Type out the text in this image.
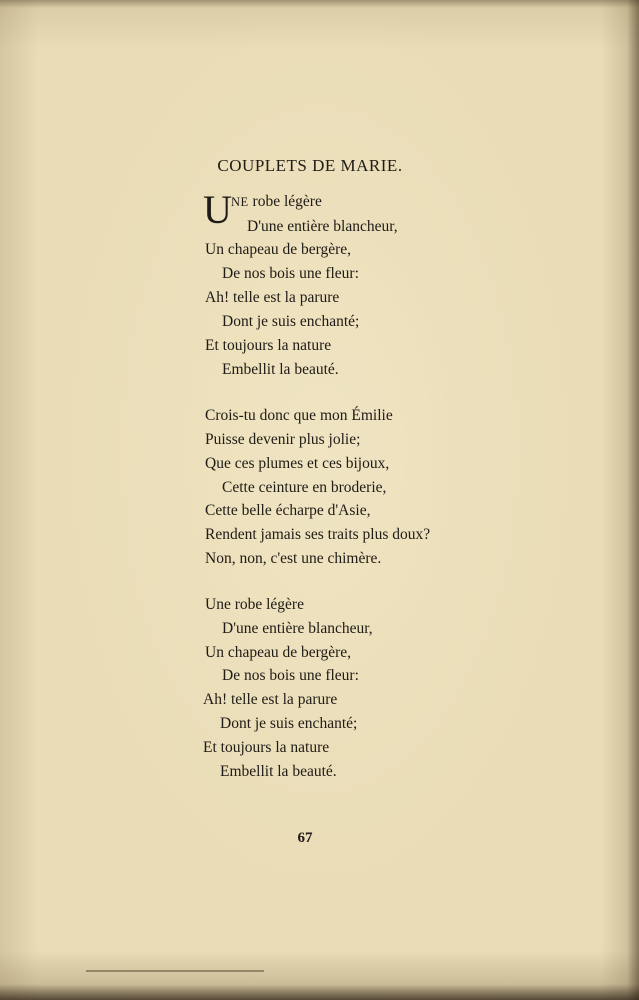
COUPLETS DE MARIE.
U NE robe légère
D'une entière blancheur,
Un chapeau de bergère,
De nos bois une fleur:
Ah! telle est la parure
Dont je suis enchanté;
Et toujours la nature
Embellit la beauté.
Crois-tu donc que mon Émilie
Puisse devenir plus jolie;
Que ces plumes et ces bijoux,
Cette ceinture en broderie,
Cette belle écharpe d'Asie,
Rendent jamais ses traits plus doux?
Non, non, c'est une chimère.
Une robe légère
D'une entière blancheur,
Un chapeau de bergère,
De nos bois une fleur:
Ah! telle est la parure
Dont je suis enchanté;
Et toujours la nature
Embellit la beauté.
67
